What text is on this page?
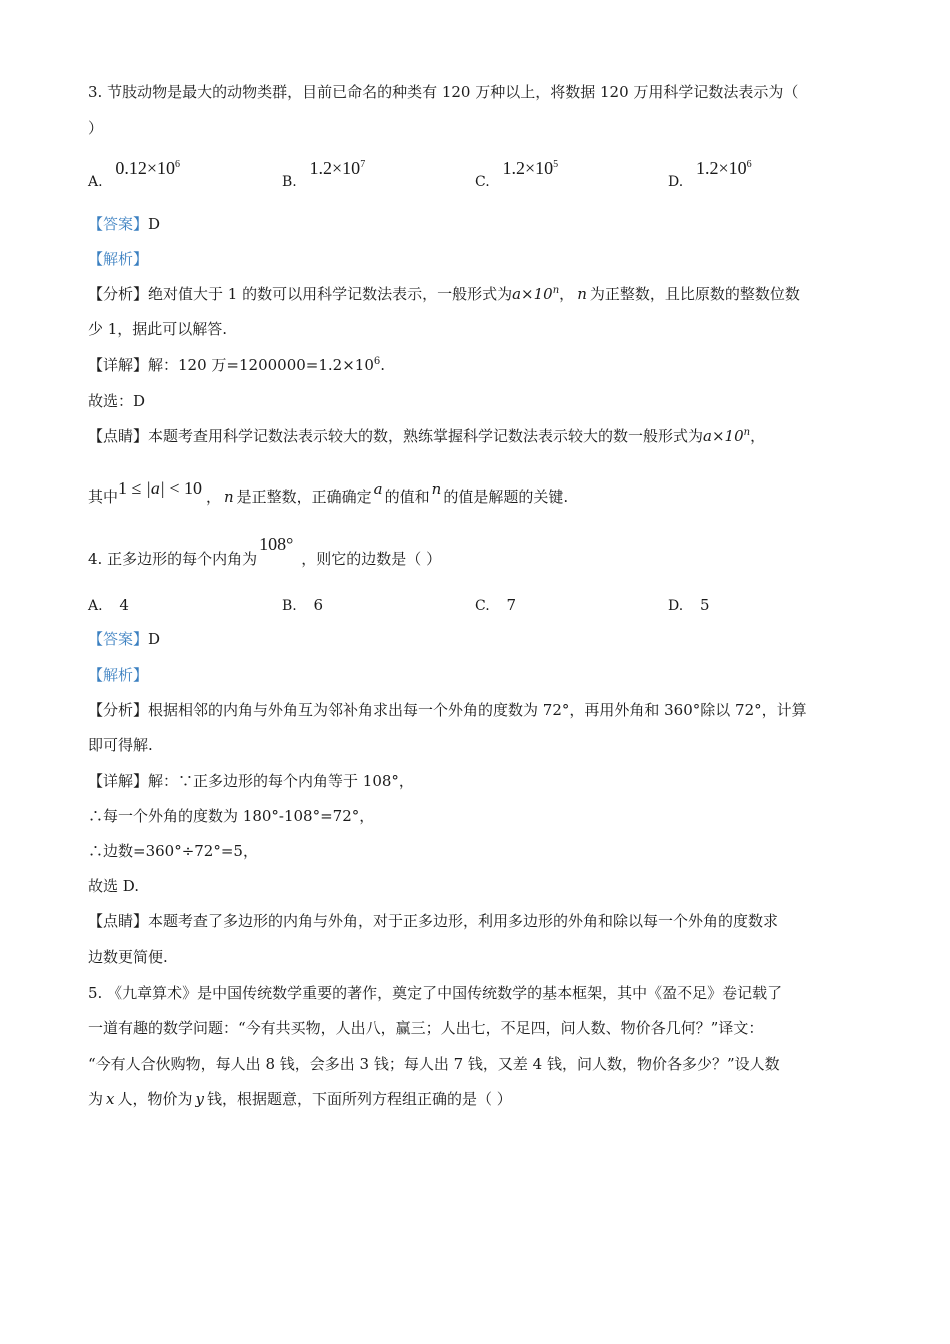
3. 节肢动物是最大的动物类群，目前已命名的种类有 120 万种以上，将数据 120 万用科学记数法表示为（
）
A. $0.12\times 10^6$
B. $1.2\times 10^7$
C. $1.2\times 10^5$
D. $1.2\times 10^6$
【答案】D
【解析】
【分析】绝对值大于 1 的数可以用科学记数法表示，一般形式为$a\times 10^n$， n 为正整数，且比原数的整数位数
少 1，据此可以解答.
【详解】解：120 万$=1200000=1.2\times 10^6$.
故选：D
【点睛】本题考查用科学记数法表示较大的数，熟练掌握科学记数法表示较大的数一般形式为$a\times 10^n$，
其中1 ≤ |a| < 10 ， n 是正整数，正确确定 a 的值和 n 的值是解题的关键.
4. 正多边形的每个内角为108°，则它的边数是（ ）
A. 4	B. 6	C. 7	D. 5
【答案】D
【解析】
【分析】根据相邻的内角与外角互为邻补角求出每一个外角的度数为 72°，再用外角和 360°除以 72°，计算
即可得解.
【详解】解：∵正多边形的每个内角等于 108°，
∴每一个外角的度数为 180°-108°=72°，
∴边数=360°÷72°=5，
故选 D.
【点睛】本题考查了多边形的内角与外角，对于正多边形，利用多边形的外角和除以每一个外角的度数求
边数更简便.
5. 《九章算术》是中国传统数学重要的著作，奠定了中国传统数学的基本框架，其中《盈不足》卷记载了
一道有趣的数学问题：“今有共买物，人出八，赢三；人出七，不足四，问人数、物价各几何？”译文：
“今有人合伙购物，每人出 8 钱，会多出 3 钱；每人出 7 钱，又差 4 钱，问人数，物价各多少？”设人数
为 x 人，物价为 y 钱，根据题意，下面所列方程组正确的是（ ）
